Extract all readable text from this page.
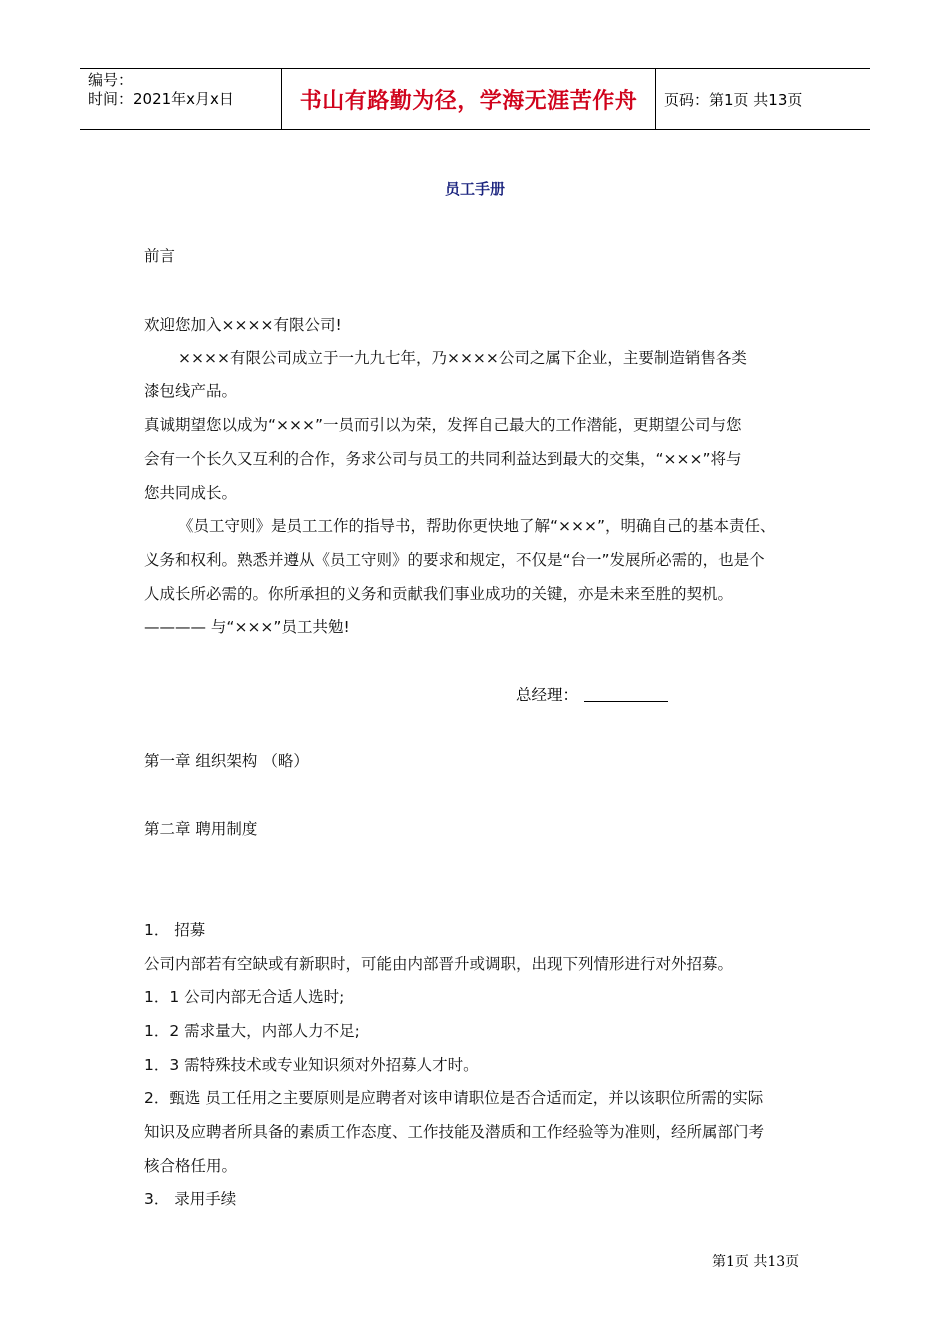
编号：
时间：2021年x月x日	书山有路勤为径，学海无涯苦作舟	页码：第1页 共13页
员工手册
前言
欢迎您加入××××有限公司!
××××有限公司成立于一九九七年，乃××××公司之属下企业，主要制造销售各类
漆包线产品。
真诚期望您以成为“×××”一员而引以为荣，发挥自己最大的工作潜能，更期望公司与您
会有一个长久又互利的合作，务求公司与员工的共同利益达到最大的交集，“×××”将与
您共同成长。
《员工守则》是员工工作的指导书，帮助你更快地了解“×××”，明确自己的基本责任、
义务和权利。熟悉并遵从《员工守则》的要求和规定，不仅是“台一”发展所必需的，也是个
人成长所必需的。你所承担的义务和贡献我们事业成功的关键，亦是未来至胜的契机。
———— 与“×××”员工共勉!
第一章 组织架构 （略）
第二章 聘用制度
1． 招募
公司内部若有空缺或有新职时，可能由内部晋升或调职，出现下列情形进行对外招募。
1．1 公司内部无合适人选时;
1．2 需求量大，内部人力不足;
1．3 需特殊技术或专业知识须对外招募人才时。
2．甄选 员工任用之主要原则是应聘者对该申请职位是否合适而定，并以该职位所需的实际
知识及应聘者所具备的素质工作态度、工作技能及潜质和工作经验等为准则，经所属部门考
核合格任用。
3． 录用手续
总经理：
第1页 共13页
